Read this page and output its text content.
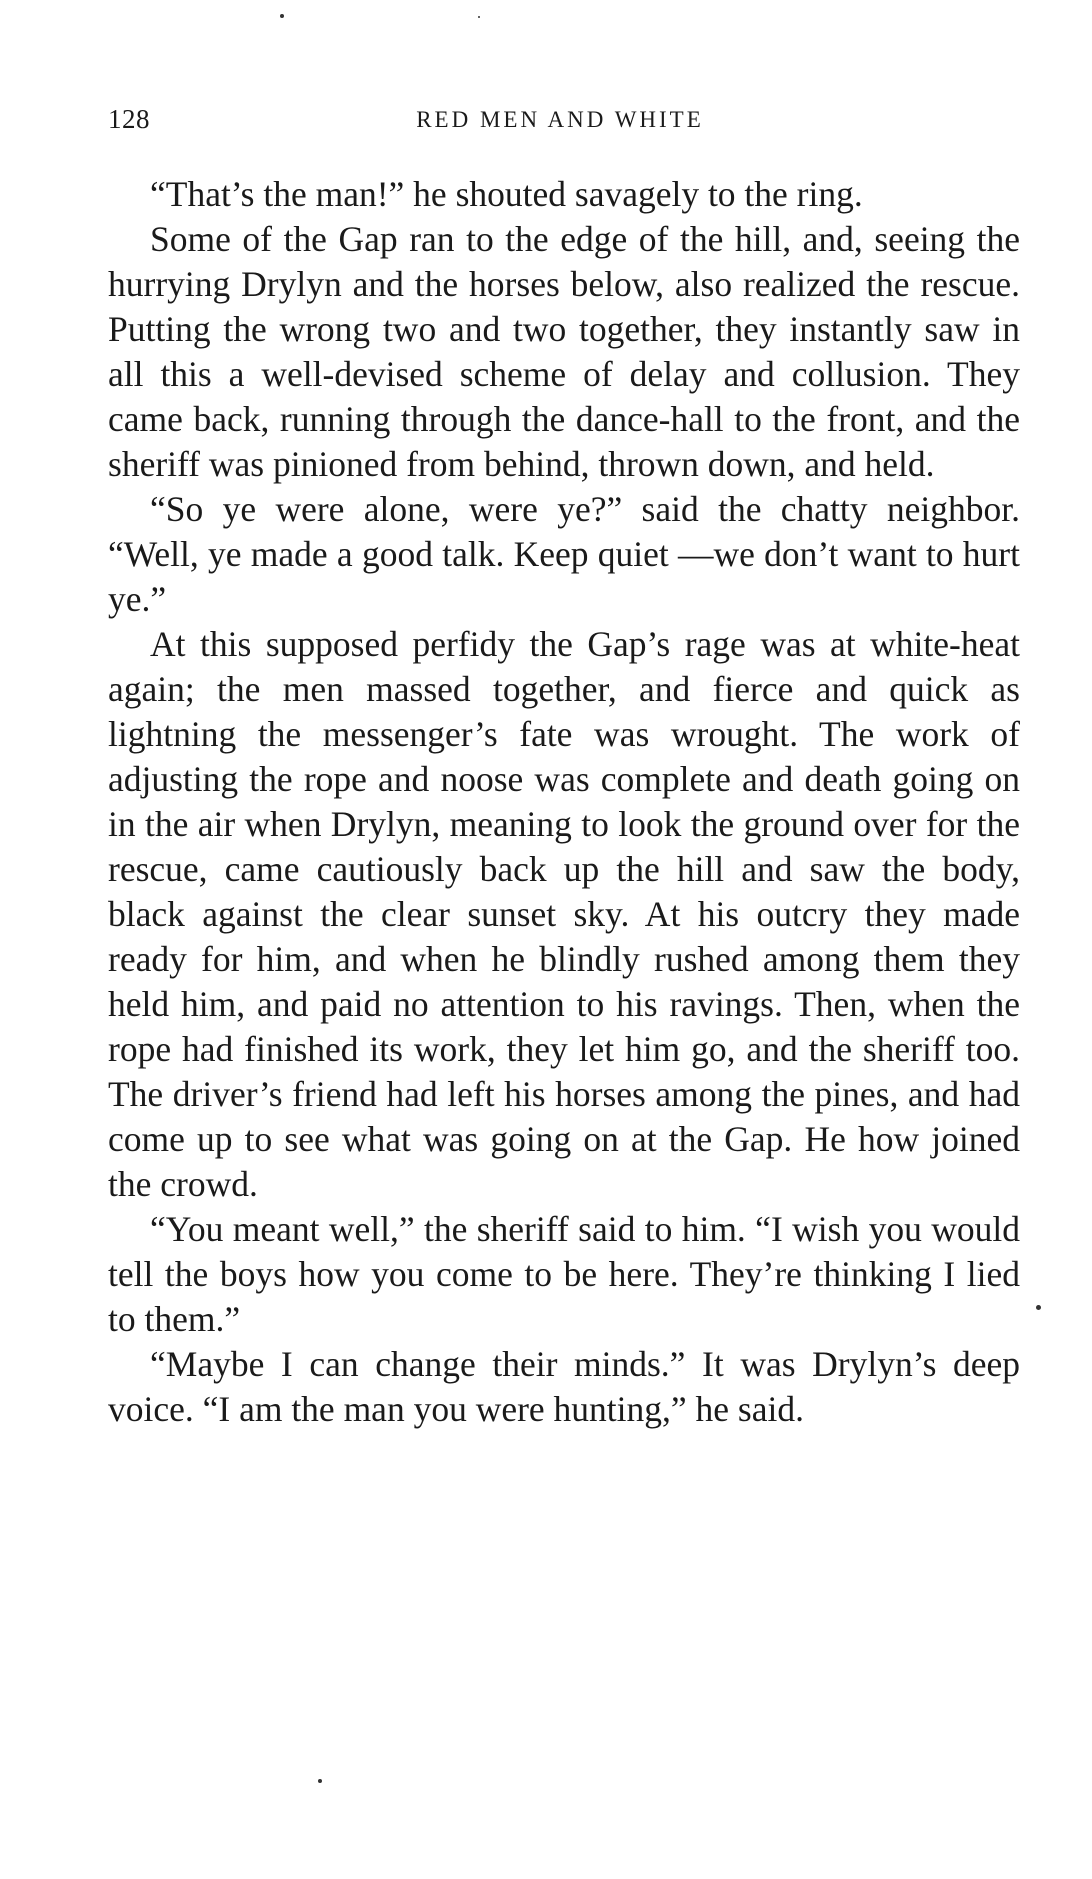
128	RED MEN AND WHITE

“That’s the man!” he shouted savagely to the ring.

Some of the Gap ran to the edge of the hill, and, seeing the hurrying Drylyn and the horses below, also realized the rescue. Putting the wrong two and two together, they instantly saw in all this a well-devised scheme of delay and collusion. They came back, running through the dance-hall to the front, and the sheriff was pinioned from behind, thrown down, and held.

“So ye were alone, were ye?” said the chatty neighbor. “Well, ye made a good talk. Keep quiet —we don’t want to hurt ye.”

At this supposed perfidy the Gap’s rage was at white-heat again; the men massed together, and fierce and quick as lightning the messenger’s fate was wrought. The work of adjusting the rope and noose was complete and death going on in the air when Drylyn, meaning to look the ground over for the rescue, came cautiously back up the hill and saw the body, black against the clear sunset sky. At his outcry they made ready for him, and when he blindly rushed among them they held him, and paid no attention to his ravings. Then, when the rope had finished its work, they let him go, and the sheriff too. The driver’s friend had left his horses among the pines, and had come up to see what was going on at the Gap. He how joined the crowd.

“You meant well,” the sheriff said to him. “I wish you would tell the boys how you come to be here. They’re thinking I lied to them.”

“Maybe I can change their minds.” It was Drylyn’s deep voice. “I am the man you were hunting,” he said.
